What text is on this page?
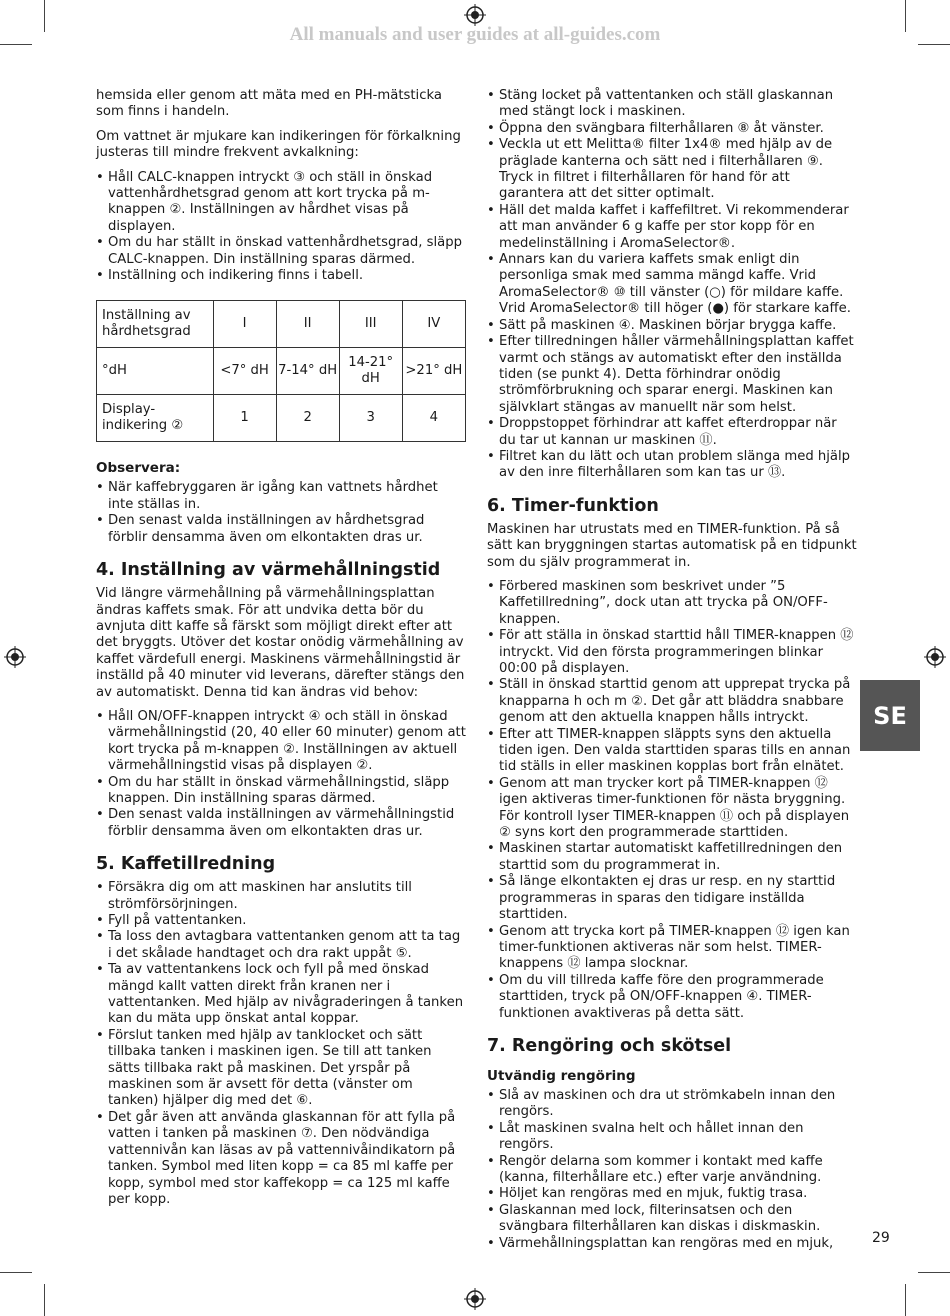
All manuals and user guides at all-guides.com

hemsida eller genom att mäta med en PH-mätsticka som finns i handeln.

Om vattnet är mjukare kan indikeringen för förkalkning justeras till mindre frekvent avkalkning:

• Håll CALC-knappen intryckt ③ och ställ in önskad vattenhårdhetsgrad genom att kort trycka på m-knappen ②. Inställningen av hårdhet visas på displayen.
• Om du har ställt in önskad vattenhårdhetsgrad, släpp CALC-knappen. Din inställning sparas därmed.
• Inställning och indikering finns i tabell.
Inställning av hårdhetsgrad	I	II	III	IV
°dH	<7° dH	7-14° dH	14-21° dH	>21° dH
Display-indikering ②	1	2	3	4
Observera:
• När kaffebryggaren är igång kan vattnets hårdhet inte ställas in.
• Den senast valda inställningen av hårdhetsgrad förblir densamma även om elkontakten dras ur.
4. Inställning av värmehållningstid

Vid längre värmehållning på värmehållningsplattan ändras kaffets smak. För att undvika detta bör du avnjuta ditt kaffe så färskt som möjligt direkt efter att det bryggts. Utöver det kostar onödig värmehållning av kaffet värdefull energi. Maskinens värmehållningstid är inställd på 40 minuter vid leverans, därefter stängs den av automatiskt. Denna tid kan ändras vid behov:

• Håll ON/OFF-knappen intryckt ④ och ställ in önskad värmehållningstid (20, 40 eller 60 minuter) genom att kort trycka på m-knappen ②. Inställningen av aktuell värmehållningstid visas på displayen ②.
• Om du har ställt in önskad värmehållningstid, släpp knappen. Din inställning sparas därmed.
• Den senast valda inställningen av värmehållningstid förblir densamma även om elkontakten dras ur.
5. Kaffetillredning
• Försäkra dig om att maskinen har anslutits till strömförsörjningen.
• Fyll på vattentanken.
• Ta loss den avtagbara vattentanken genom att ta tag i det skålade handtaget och dra rakt uppåt ⑤.
• Ta av vattentankens lock och fyll på med önskad mängd kallt vatten direkt från kranen ner i vattentanken. Med hjälp av nivågraderingen å tanken kan du mäta upp önskat antal koppar.
• Förslut tanken med hjälp av tanklocket och sätt tillbaka tanken i maskinen igen. Se till att tanken sätts tillbaka rakt på maskinen. Det yrspår på maskinen som är avsett för detta (vänster om tanken) hjälper dig med det ⑥.
• Det går även att använda glaskannan för att fylla på vatten i tanken på maskinen ⑦. Den nödvändiga vattennivån kan läsas av på vattennivåindikatorn på tanken. Symbol med liten kopp = ca 85 ml kaffe per kopp, symbol med stor kaffekopp = ca 125 ml kaffe per kopp.
• Stäng locket på vattentanken och ställ glaskannan med stängt lock i maskinen.
• Öppna den svängbara filterhållaren ⑧ åt vänster.
• Veckla ut ett Melitta® filter 1x4® med hjälp av de präglade kanterna och sätt ned i filterhållaren ⑨. Tryck in filtret i filterhållaren för hand för att garantera att det sitter optimalt.
• Häll det malda kaffet i kaffefiltret. Vi rekommenderar att man använder 6 g kaffe per stor kopp för en medelinställning i AromaSelector®.
• Annars kan du variera kaffets smak enligt din personliga smak med samma mängd kaffe. Vrid AromaSelector® ⑩ till vänster (○) för mildare kaffe. Vrid AromaSelector® till höger (●) för starkare kaffe.
• Sätt på maskinen ④. Maskinen börjar brygga kaffe.
• Efter tillredningen håller värmehållningsplattan kaffet varmt och stängs av automatiskt efter den inställda tiden (se punkt 4). Detta förhindrar onödig strömförbrukning och sparar energi. Maskinen kan självklart stängas av manuellt när som helst.
• Droppstoppet förhindrar att kaffet efterdroppar när du tar ut kannan ur maskinen ⑪.
• Filtret kan du lätt och utan problem slänga med hjälp av den inre filterhållaren som kan tas ur ⑬.
6. Timer-funktion

Maskinen har utrustats med en TIMER-funktion. På så sätt kan bryggningen startas automatisk på en tidpunkt som du själv programmerat in.

• Förbered maskinen som beskrivet under ”5 Kaffetillredning”, dock utan att trycka på ON/OFF-knappen.
• För att ställa in önskad starttid håll TIMER-knappen ⑫ intryckt. Vid den första programmeringen blinkar 00:00 på displayen.
• Ställ in önskad starttid genom att upprepat trycka på knapparna h och m ②. Det går att bläddra snabbare genom att den aktuella knappen hålls intryckt.
• Efter att TIMER-knappen släppts syns den aktuella tiden igen. Den valda starttiden sparas tills en annan tid ställs in eller maskinen kopplas bort från elnätet.
• Genom att man trycker kort på TIMER-knappen ⑫ igen aktiveras timer-funktionen för nästa bryggning. För kontroll lyser TIMER-knappen ⑪ och på displayen ② syns kort den programmerade starttiden.
• Maskinen startar automatiskt kaffetillredningen den starttid som du programmerat in.
• Så länge elkontakten ej dras ur resp. en ny starttid programmeras in sparas den tidigare inställda starttiden.
• Genom att trycka kort på TIMER-knappen ⑫ igen kan timer-funktionen aktiveras när som helst. TIMER-knappens ⑫ lampa slocknar.
• Om du vill tillreda kaffe före den programmerade starttiden, tryck på ON/OFF-knappen ④. TIMER-funktionen avaktiveras på detta sätt.
7. Rengöring och skötsel
Utvändig rengöring
• Slå av maskinen och dra ut strömkabeln innan den rengörs.
• Låt maskinen svalna helt och hållet innan den rengörs.
• Rengör delarna som kommer i kontakt med kaffe (kanna, filterhållare etc.) efter varje användning.
• Höljet kan rengöras med en mjuk, fuktig trasa.
• Glaskannan med lock, filterinsatsen och den svängbara filterhållaren kan diskas i diskmaskin.
• Värmehållningsplattan kan rengöras med en mjuk,
SE
29
